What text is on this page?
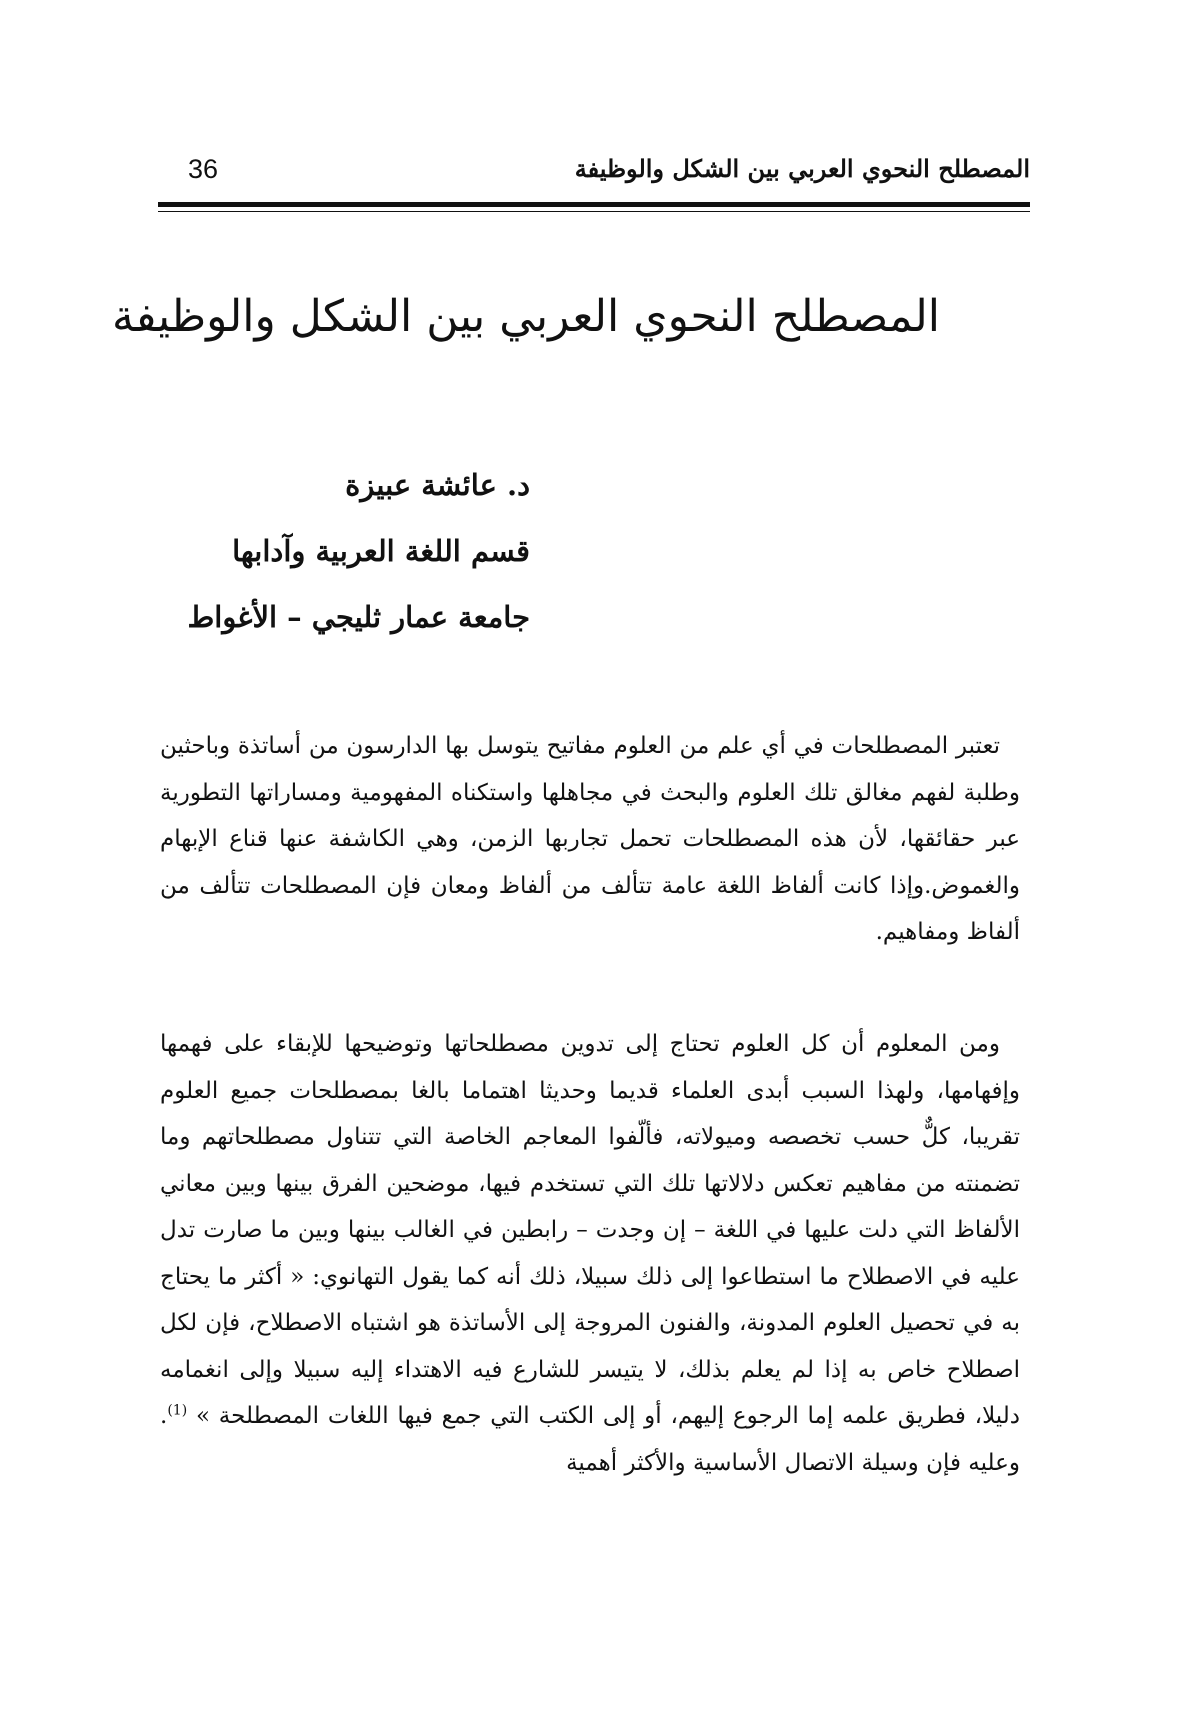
36	المصطلح النحوي العربي بين الشكل والوظيفة
المصطلح النحوي العربي بين الشكل والوظيفة
د. عائشة عبيزة
قسم اللغة العربية وآدابها
جامعة عمار ثليجي – الأغواط

تعتبر المصطلحات في أي علم من العلوم مفاتيح يتوسل بها الدارسون من أساتذة وباحثين وطلبة لفهم مغالق تلك العلوم والبحث في مجاهلها واستكناه المفهومية ومساراتها التطورية عبر حقائقها، لأن هذه المصطلحات تحمل تجاربها الزمن، وهي الكاشفة عنها قناع الإبهام والغموض.وإذا كانت ألفاظ اللغة عامة تتألف من ألفاظ ومعان فإن المصطلحات تتألف من ألفاظ ومفاهيم.

ومن المعلوم أن كل العلوم تحتاج إلى تدوين مصطلحاتها وتوضيحها للإبقاء على فهمها وإفهامها، ولهذا السبب أبدى العلماء قديما وحديثا اهتماما بالغا بمصطلحات جميع العلوم تقريبا، كلٌّ حسب تخصصه وميولاته، فألّفوا المعاجم الخاصة التي تتناول مصطلحاتهم وما تضمنته من مفاهيم تعكس دلالاتها تلك التي تستخدم فيها، موضحين الفرق بينها وبين معاني الألفاظ التي دلت عليها في اللغة – إن وجدت – رابطين في الغالب بينها وبين ما صارت تدل عليه في الاصطلاح ما استطاعوا إلى ذلك سبيلا، ذلك أنه كما يقول التهانوي: « أكثر ما يحتاج به في تحصيل العلوم المدونة، والفنون المروجة إلى الأساتذة هو اشتباه الاصطلاح، فإن لكل اصطلاح خاص به إذا لم يعلم بذلك، لا يتيسر للشارع فيه الاهتداء إليه سبيلا وإلى انغمامه دليلا، فطريق علمه إما الرجوع إليهم، أو إلى الكتب التي جمع فيها اللغات المصطلحة » $^{(1)}$. وعليه فإن وسيلة الاتصال الأساسية والأكثر أهمية
